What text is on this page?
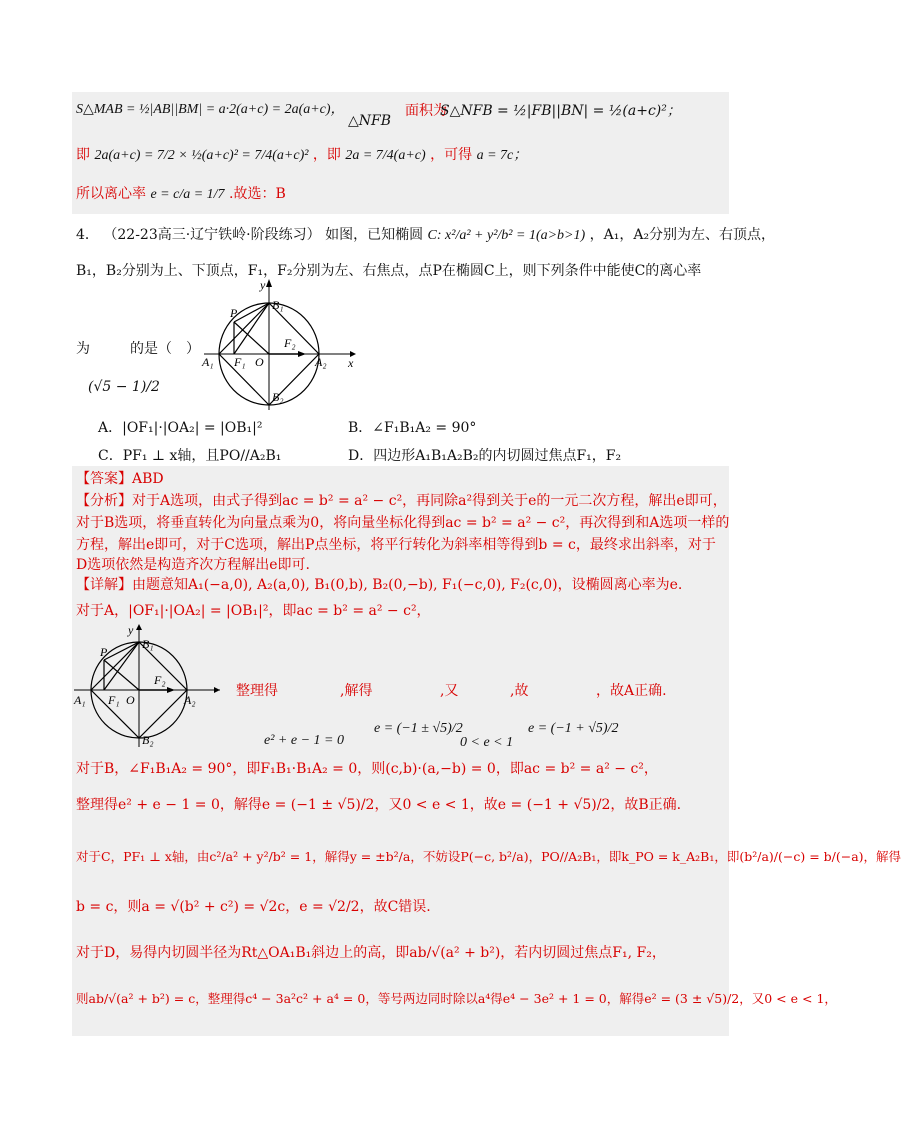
S△MAB = ½|AB||BM| = a·2(a+c) = 2a(a+c)，
△NFB
面积为
S△NFB = ½|FB||BN| = ½(a+c)²；
即 2a(a+c) = 7/2 × ½(a+c)² = 7/4(a+c)² ，即 2a = 7/4(a+c) ，可得 a = 7c；
所以离心率 e = c/a = 1/7 .故选：B
4． （22-23高三·辽宁铁岭·阶段练习） 如图，已知椭圆 C: x²/a² + y²/b² = 1(a>b>1) ，A₁，A₂分别为左、右顶点，
B₁，B₂分别为上、下顶点，F₁，F₂分别为左、右焦点，点P在椭圆C上，则下列条件中能使C的离心率
为	的是（　）
(√5 − 1)/2
y
x
P
B₁
B₂
A₁	A₂
F₁
F₂
O
A．|OF₁|·|OA₂| = |OB₁|²	B．∠F₁B₁A₂ = 90°
C．PF₁ ⊥ x轴，且PO//A₂B₁	D．四边形A₁B₁A₂B₂的内切圆过焦点F₁，F₂
【答案】ABD
【分析】对于A选项，由式子得到ac = b² = a² − c²，再同除a²得到关于e的一元二次方程，解出e即可，
对于B选项，将垂直转化为向量点乘为0，将向量坐标化得到ac = b² = a² − c²，再次得到和A选项一样的
方程，解出e即可，对于C选项，解出P点坐标，将平行转化为斜率相等得到b = c，最终求出斜率，对于
D选项依然是构造齐次方程解出e即可.
【详解】由题意知A₁(−a,0), A₂(a,0), B₁(0,b), B₂(0,−b), F₁(−c,0), F₂(c,0)，设椭圆离心率为e.
对于A，|OF₁|·|OA₂| = |OB₁|²，即ac = b² = a² − c²，
y
P
B₁
B₂
A₁	A₂
F₁
F₂
O
整理得	,解得	,又	,故	，故A正确.
e² + e − 1 = 0
e = (−1 ± √5)/2
0 < e < 1
e = (−1 + √5)/2
对于B，∠F₁B₁A₂ = 90°，即F₁B₁·B₁A₂ = 0，则(c,b)·(a,−b) = 0，即ac = b² = a² − c²，
整理得e² + e − 1 = 0，解得e = (−1 ± √5)/2，又0 < e < 1，故e = (−1 + √5)/2，故B正确.
对于C，PF₁ ⊥ x轴，由c²/a² + y²/b² = 1，解得y = ±b²/a，不妨设P(−c, b²/a)，PO//A₂B₁，即k_PO = k_A₂B₁，即(b²/a)/(−c) = b/(−a)，解得
b = c，则a = √(b² + c²) = √2c，e = √2/2，故C错误.
对于D，易得内切圆半径为Rt△OA₁B₁斜边上的高，即ab/√(a² + b²)，若内切圆过焦点F₁, F₂，
则ab/√(a² + b²) = c，整理得c⁴ − 3a²c² + a⁴ = 0，等号两边同时除以a⁴得e⁴ − 3e² + 1 = 0，解得e² = (3 ± √5)/2，又0 < e < 1，
